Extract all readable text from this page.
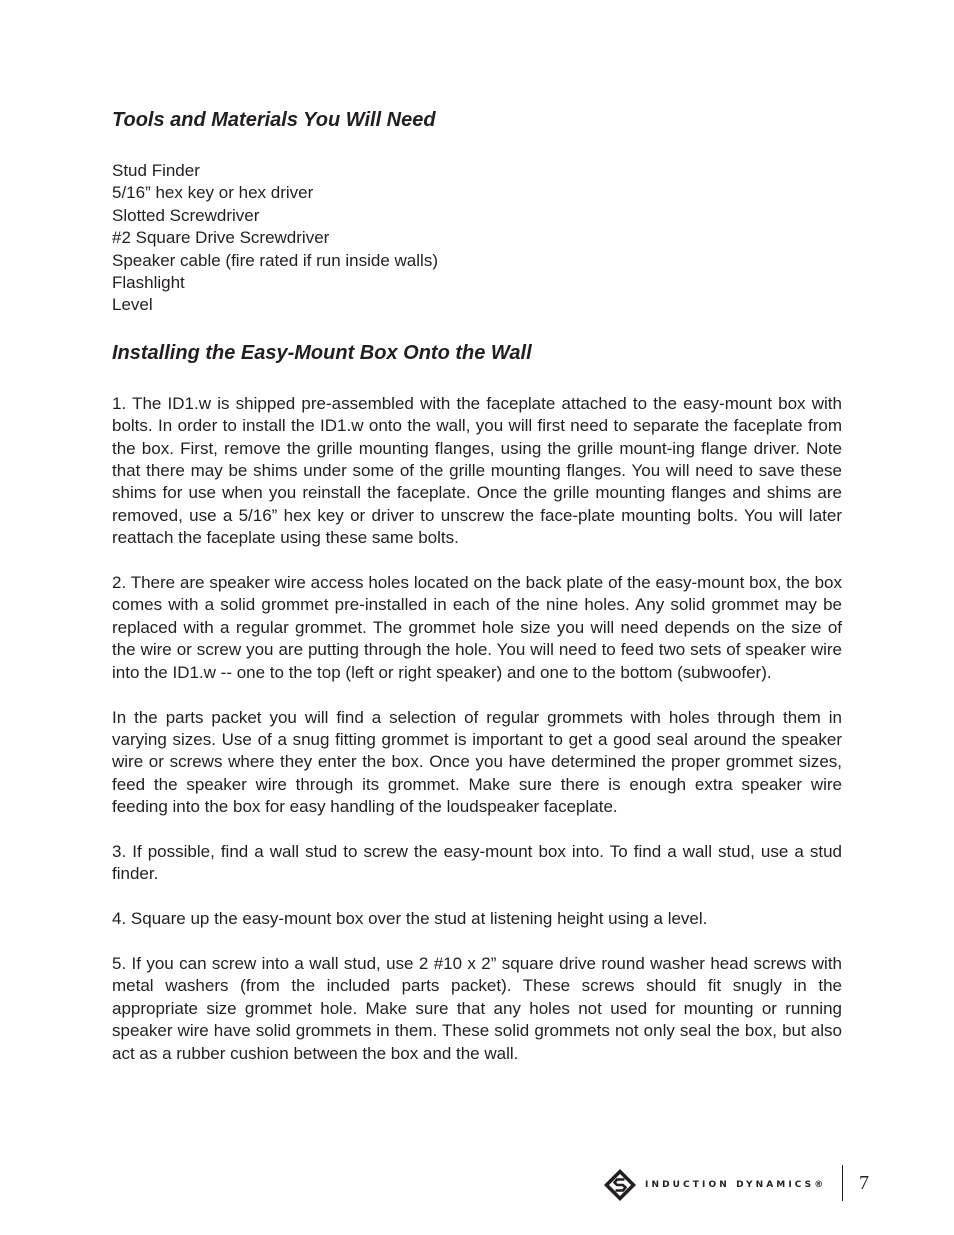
Tools and Materials You Will Need
Stud Finder
5/16” hex key or hex driver
Slotted Screwdriver
#2 Square Drive Screwdriver
Speaker cable (fire rated if run inside walls)
Flashlight
Level
Installing the Easy-Mount Box Onto the Wall

1. The ID1.w is shipped pre-assembled with the faceplate attached to the easy-mount box with bolts. In order to install the ID1.w onto the wall, you will first need to separate the faceplate from the box. First, remove the grille mounting flanges, using the grille mount-ing flange driver. Note that there may be shims under some of the grille mounting flanges. You will need to save these shims for use when you reinstall the faceplate. Once the grille mounting flanges and shims are removed, use a 5/16” hex key or driver to unscrew the face-plate mounting bolts. You will later reattach the faceplate using these same bolts.

2. There are speaker wire access holes located on the back plate of the easy-mount box, the box comes with a solid grommet pre-installed in each of the nine holes. Any solid grommet may be replaced with a regular grommet. The grommet hole size you will need depends on the size of the wire or screw you are putting through the hole. You will need to feed two sets of speaker wire into the ID1.w -- one to the top (left or right speaker) and one to the bottom (subwoofer).

In the parts packet you will find a selection of regular grommets with holes through them in varying sizes. Use of a snug fitting grommet is important to get a good seal around the speaker wire or screws where they enter the box. Once you have determined the proper grommet sizes, feed the speaker wire through its grommet. Make sure there is enough extra speaker wire feeding into the box for easy handling of the loudspeaker faceplate.

3. If possible, find a wall stud to screw the easy-mount box into. To find a wall stud, use a stud finder.

4. Square up the easy-mount box over the stud at listening height using a level.

5. If you can screw into a wall stud, use 2 #10 x 2” square drive round washer head screws with metal washers (from the included parts packet). These screws should fit snugly in the appropriate size grommet hole. Make sure that any holes not used for mounting or running speaker wire have solid grommets in them. These solid grommets not only seal the box, but also act as a rubber cushion between the box and the wall.

INDUCTION DYNAMICS® 7
